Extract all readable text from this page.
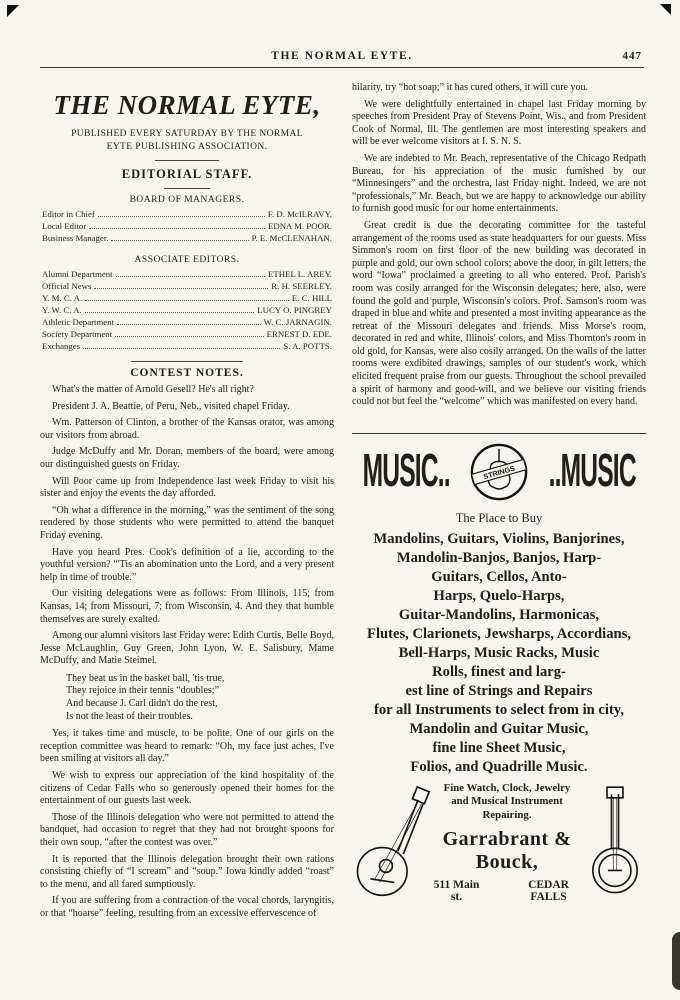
THE NORMAL EYTE.	447
THE NORMAL EYTE,
PUBLISHED EVERY SATURDAY BY THE NORMAL
EYTE PUBLISHING ASSOCIATION.
EDITORIAL STAFF.
BOARD OF MANAGERS.
Editor in Chief	F. D. McILRAVY.
Local Editor	EDNA M. POOR.
Business Manager.	P. E. McCLENAHAN.
ASSOCIATE EDITORS.
Alumni Department	ETHEL L. AREY.
Official News	R. H. SEERLEY.
Y. M. C. A.	E. C. HILL
Y. W. C. A.	LUCY O. PINGREY
Athletic Department	W. C. JARNAGIN.
Society Department	ERNEST D. EDE.
Exchanges	S. A. POTTS.
CONTEST NOTES.

What's the matter of Arnold Gesell? He's all right?

President J. A. Beattie, of Peru, Neb., visited chapel Friday.

Wm. Patterson of Clinton, a brother of the Kansas orator, was among our visitors from abroad.

Judge McDuffy and Mr. Doran, members of the board, were among our distinguished guests on Friday.

Will Poor came up from Independence last week Friday to visit his sister and enjoy the events the day afforded.

“Oh what a difference in the morning,” was the sentiment of the song rendered by those students who were permitted to attend the banquet Friday evening.

Have you heard Pres. Cook's definition of a lie, according to the youthful version? “'Tis an abomination unto the Lord, and a very present help in time of trouble.”

Our visiting delegations were as follows: From Illinois, 115; from Kansas, 14; from Missouri, 7; from Wisconsin, 4. And they that humble themselves are surely exalted.

Among our alumni visitors last Friday were: Edith Curtis, Belle Boyd, Jesse McLaughlin, Guy Green, John Lyon, W. E. Salisbury, Mame McDuffy, and Matie Steimel.

They beat us in the basket ball, 'tis true,
They rejoice in their tennis “doubles;”
And because J. Carl didn't do the rest,
Is not the least of their troubles.

Yes, it takes time and muscle, to be polite. One of our girls on the reception committee was heard to remark: “Oh, my face just aches, I've been smiling at visitors all day.”

We wish to express our appreciation of the kind hospitality of the citizens of Cedar Falls who so generously opened their homes for the entertainment of our guests last week.

Those of the Illinois delegation who were not permitted to attend the bandquet, had occasion to regret that they had not brought spoons for their own soup, “after the contest was over.”

It is reported that the Illinois delegation brought their own rations consisting chiefly of “I scream” and “soup.” Iowa kindly added “roast” to the menu, and all fared sumptiously.

If you are suffering from a contraction of the vocal chords, laryngitis, or that “hoarse” feeling, resulting from an excessive effervescence of

hilarity, try “hot soap;” it has cured others, it will cure you.

We were delightfully entertained in chapel last Friday morning by speeches from President Pray of Stevens Point, Wis., and from President Cook of Normal, Ill. The gentlemen are most interesting speakers and will be ever welcome visitors at I. S. N. S.

We are indebted to Mr. Beach, representative of the Chicago Redpath Bureau, for his appreciation of the music furnished by our “Minnesingers” and the orchestra, last Friday night. Indeed, we are not “professionals,” Mr. Beach, but we are happy to acknowledge our ability to furnish good music for our home entertainments.

Great credit is due the decorating committee for the tasteful arrangement of the rooms used as state headquarters for our guests. Miss Simmon's room on first floor of the new building was decorated in purple and gold, our own school colors; above the door, in gilt letters, the word “Iowa” proclaimed a greeting to all who entered. Prof. Parish's room was cosily arranged for the Wisconsin delegates; here, also, were found the gold and purple, Wisconsin's colors. Prof. Samson's room was draped in blue and white and presented a most inviting appearance as the retreat of the Missouri delegates and friends. Miss Morse's room, decorated in red and white, Illinois' colors, and Miss Thornton's room in old gold, for Kansas, were also cosily arranged. On the walls of the latter rooms were exdibited drawings, samples of our student's work, which elicited frequent praise from our guests. Throughout the school prevailed a spirit of harmony and good-will, and we believe our visiting friends could not but feel the “welcome” which was manifested on every hand.

MUSIC..	STRINGS ..MUSIC
The Place to Buy
Mandolins, Guitars, Violins, Banjorines,
Mandolin-Banjos, Banjos, Harp-
Guitars, Cellos, Anto-
Harps, Quelo-Harps,
Guitar-Mandolins, Harmonicas,
Flutes, Clarionets, Jewsharps, Accordians,
Bell-Harps, Music Racks, Music
Rolls, finest and larg-
est line of Strings and Repairs
for all Instruments to select from in city,
Mandolin and Guitar Music,
fine line Sheet Music,
Folios, and Quadrille Music.
Fine Watch, Clock, Jewelry
and Musical Instrument
Repairing.
Garrabrant & Bouck,
511 Main st.
CEDAR FALLS
